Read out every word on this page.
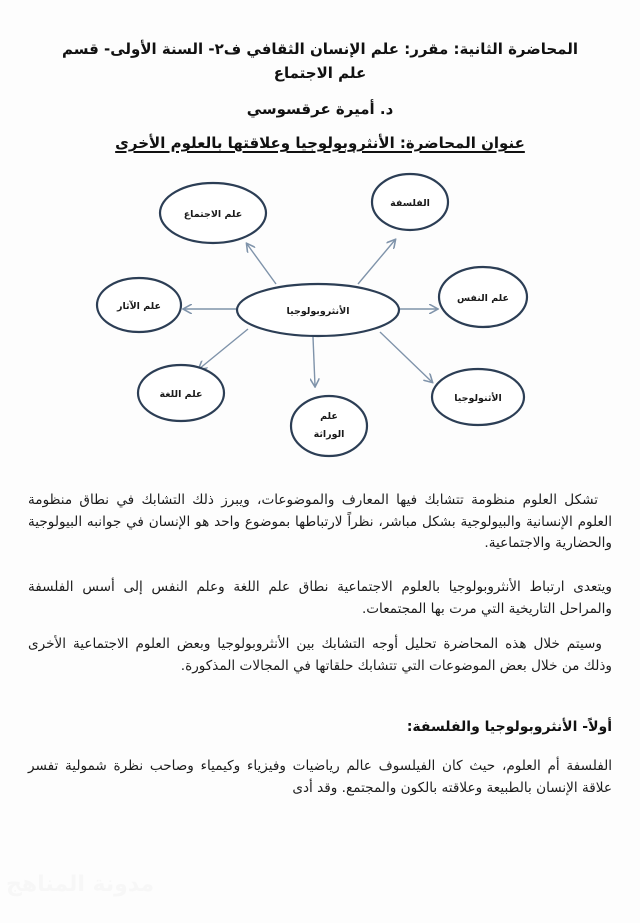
المحاضرة الثانية: مقرر: علم الإنسان الثقافي ف٢- السنة الأولى- قسم علم الاجتماع
د. أميرة عرقسوسي
عنوان المحاضرة: الأنثروبولوجيا وعلاقتها بالعلوم الأخرى
الأنثروبولوجيا
علم الاجتماع
الفلسفة
علم الآثار
علم النفس
علم اللغة
علم
الوراثة
الأثنولوجيا

تشكل العلوم منظومة تتشابك فيها المعارف والموضوعات، ويبرز ذلك التشابك في نطاق منظومة العلوم الإنسانية والبيولوجية بشكل مباشر، نظراً لارتباطها بموضوع واحد هو الإنسان في جوانبه البيولوجية والحضارية والاجتماعية.

ويتعدى ارتباط الأنثروبولوجيا بالعلوم الاجتماعية نطاق علم اللغة وعلم النفس إلى أسس الفلسفة والمراحل التاريخية التي مرت بها المجتمعات.

وسيتم خلال هذه المحاضرة تحليل أوجه التشابك بين الأنثروبولوجيا وبعض العلوم الاجتماعية الأخرى وذلك من خلال بعض الموضوعات التي تتشابك حلقاتها في المجالات المذكورة.

أولاً- الأنثروبولوجيا والفلسفة:

الفلسفة أم العلوم، حيث كان الفيلسوف عالم رياضيات وفيزياء وكيمياء وصاحب نظرة شمولية تفسر علاقة الإنسان بالطبيعة وعلاقته بالكون والمجتمع. وقد أدى

مدونة المناهج
